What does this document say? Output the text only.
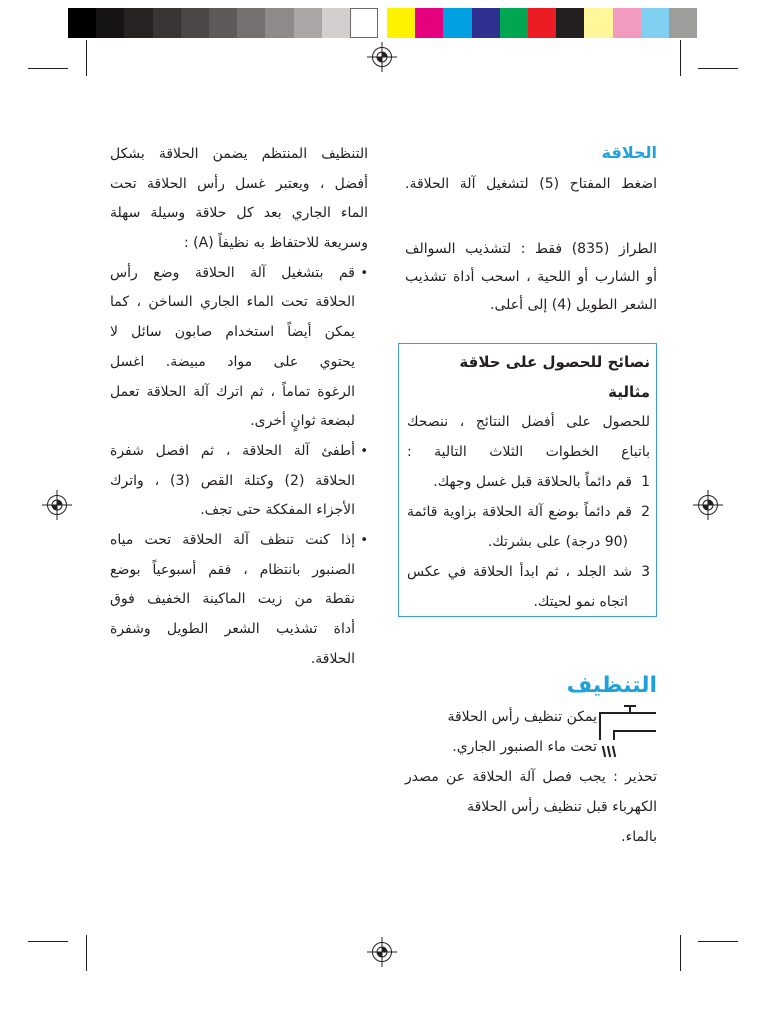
الحلاقة
اضغط المفتاح (5) لتشغيل آلة الحلاقة.
الطراز (835) فقط : لتشذيب السوالف
أو الشارب أو اللحية ، اسحب أداة تشذيب
الشعر الطويل (4) إلى أعلى.
نصائح للحصول على حلاقة
مثالية
للحصول على أفضل النتائج ، ننصحك
باتباع الخطوات الثلاث التالية :
1
قم دائماً بالحلاقة قبل غسل وجهك.
2
قم دائماً بوضع آلة الحلاقة بزاوية قائمة
(90 درجة) على بشرتك.
3
شد الجلد ، ثم ابدأ الحلاقة في عكس
اتجاه نمو لحيتك.
التنظيف المنتظم يضمن الحلاقة بشكل
أفضل ، ويعتبر غسل رأس الحلاقة تحت
الماء الجاري بعد كل حلاقة وسيلة سهلة
وسريعة للاحتفاظ به نظيفاً (A) :
•
قم بتشغيل آلة الحلاقة وضع رأس
الحلاقة تحت الماء الجاري الساخن ، كما
يمكن أيضاً استخدام صابون سائل لا
يحتوي على مواد مبيضة. اغسل
الرغوة تماماً ، ثم اترك آلة الحلاقة تعمل
لبضعة ثوانٍ أخرى.
•
أطفئ آلة الحلاقة ، ثم افصل شفرة
الحلاقة (2) وكتلة القص (3) ، واترك
الأجزاء المفككة حتى تجف.
•
إذا كنت تنظف آلة الحلاقة تحت مياه
الصنبور بانتظام ، فقم أسبوعياً بوضع
نقطة من زيت الماكينة الخفيف فوق
أداة تشذيب الشعر الطويل وشفرة
الحلاقة.
التنظيف
يمكن تنظيف رأس الحلاقة
تحت ماء الصنبور الجاري.
تحذير : يجب فصل آلة الحلاقة عن مصدر
الكهرباء قبل تنظيف رأس الحلاقة
بالماء.
